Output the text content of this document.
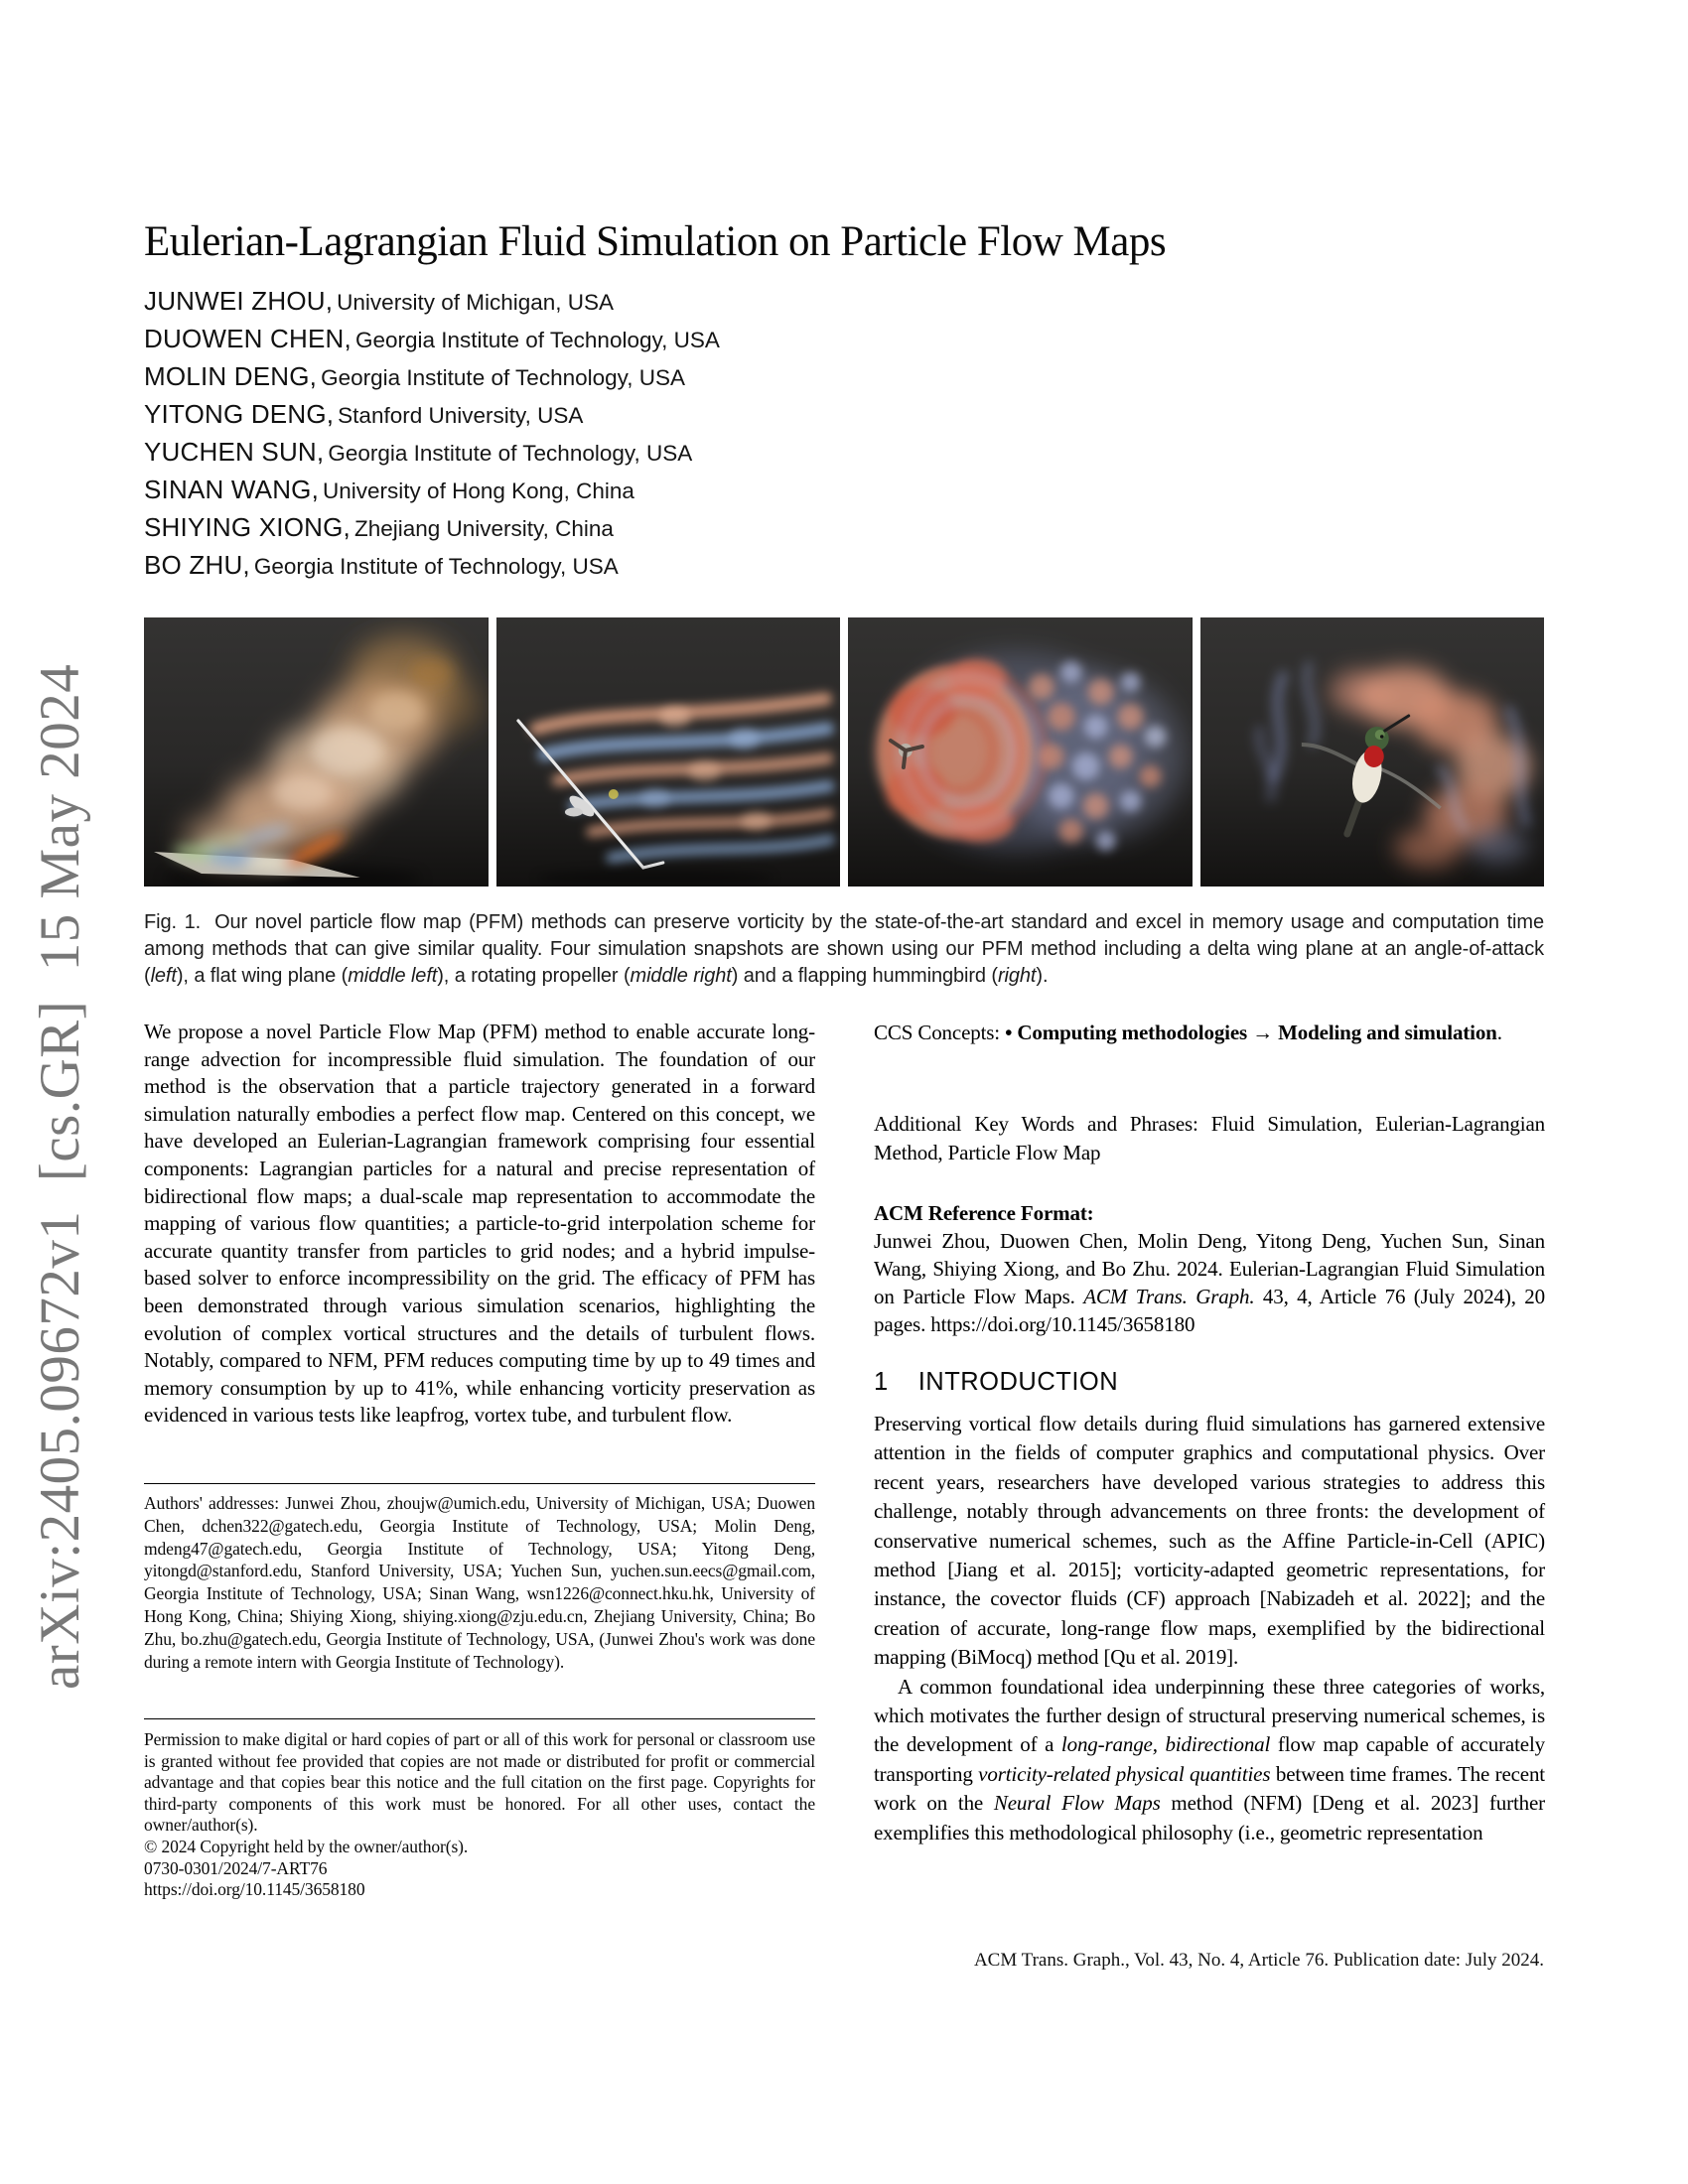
arXiv:2405.09672v1  [cs.GR]  15 May 2024
Eulerian-Lagrangian Fluid Simulation on Particle Flow Maps
JUNWEI ZHOU, University of Michigan, USA
DUOWEN CHEN, Georgia Institute of Technology, USA
MOLIN DENG, Georgia Institute of Technology, USA
YITONG DENG, Stanford University, USA
YUCHEN SUN, Georgia Institute of Technology, USA
SINAN WANG, University of Hong Kong, China
SHIYING XIONG, Zhejiang University, China
BO ZHU, Georgia Institute of Technology, USA
Fig. 1. Our novel particle flow map (PFM) methods can preserve vorticity by the state-of-the-art standard and excel in memory usage and computation time among methods that can give similar quality. Four simulation snapshots are shown using our PFM method including a delta wing plane at an angle-of-attack (left), a flat wing plane (middle left), a rotating propeller (middle right) and a flapping hummingbird (right).
We propose a novel Particle Flow Map (PFM) method to enable accurate long-range advection for incompressible fluid simulation. The foundation of our method is the observation that a particle trajectory generated in a forward simulation naturally embodies a perfect flow map. Centered on this concept, we have developed an Eulerian-Lagrangian framework comprising four essential components: Lagrangian particles for a natural and precise representation of bidirectional flow maps; a dual-scale map representation to accommodate the mapping of various flow quantities; a particle-to-grid interpolation scheme for accurate quantity transfer from particles to grid nodes; and a hybrid impulse-based solver to enforce incompressibility on the grid. The efficacy of PFM has been demonstrated through various simulation scenarios, highlighting the evolution of complex vortical structures and the details of turbulent flows. Notably, compared to NFM, PFM reduces computing time by up to 49 times and memory consumption by up to 41%, while enhancing vorticity preservation as evidenced in various tests like leapfrog, vortex tube, and turbulent flow.
Authors' addresses: Junwei Zhou, zhoujw@umich.edu, University of Michigan, USA; Duowen Chen, dchen322@gatech.edu, Georgia Institute of Technology, USA; Molin Deng, mdeng47@gatech.edu, Georgia Institute of Technology, USA; Yitong Deng, yitongd@stanford.edu, Stanford University, USA; Yuchen Sun, yuchen.sun.eecs@gmail.com, Georgia Institute of Technology, USA; Sinan Wang, wsn1226@connect.hku.hk, University of Hong Kong, China; Shiying Xiong, shiying.xiong@zju.edu.cn, Zhejiang University, China; Bo Zhu, bo.zhu@gatech.edu, Georgia Institute of Technology, USA, (Junwei Zhou's work was done during a remote intern with Georgia Institute of Technology).
Permission to make digital or hard copies of part or all of this work for personal or classroom use is granted without fee provided that copies are not made or distributed for profit or commercial advantage and that copies bear this notice and the full citation on the first page. Copyrights for third-party components of this work must be honored. For all other uses, contact the owner/author(s).
© 2024 Copyright held by the owner/author(s).
0730-0301/2024/7-ART76
https://doi.org/10.1145/3658180
CCS Concepts: • Computing methodologies → Modeling and simulation.
Additional Key Words and Phrases: Fluid Simulation, Eulerian-Lagrangian Method, Particle Flow Map
ACM Reference Format:
Junwei Zhou, Duowen Chen, Molin Deng, Yitong Deng, Yuchen Sun, Sinan Wang, Shiying Xiong, and Bo Zhu. 2024. Eulerian-Lagrangian Fluid Simulation on Particle Flow Maps. ACM Trans. Graph. 43, 4, Article 76 (July 2024), 20 pages. https://doi.org/10.1145/3658180
1 INTRODUCTION

Preserving vortical flow details during fluid simulations has garnered extensive attention in the fields of computer graphics and computational physics. Over recent years, researchers have developed various strategies to address this challenge, notably through advancements on three fronts: the development of conservative numerical schemes, such as the Affine Particle-in-Cell (APIC) method [Jiang et al. 2015]; vorticity-adapted geometric representations, for instance, the covector fluids (CF) approach [Nabizadeh et al. 2022]; and the creation of accurate, long-range flow maps, exemplified by the bidirectional mapping (BiMocq) method [Qu et al. 2019].

A common foundational idea underpinning these three categories of works, which motivates the further design of structural preserving numerical schemes, is the development of a long-range, bidirectional flow map capable of accurately transporting vorticity-related physical quantities between time frames. The recent work on the Neural Flow Maps method (NFM) [Deng et al. 2023] further exemplifies this methodological philosophy (i.e., geometric representation

ACM Trans. Graph., Vol. 43, No. 4, Article 76. Publication date: July 2024.
